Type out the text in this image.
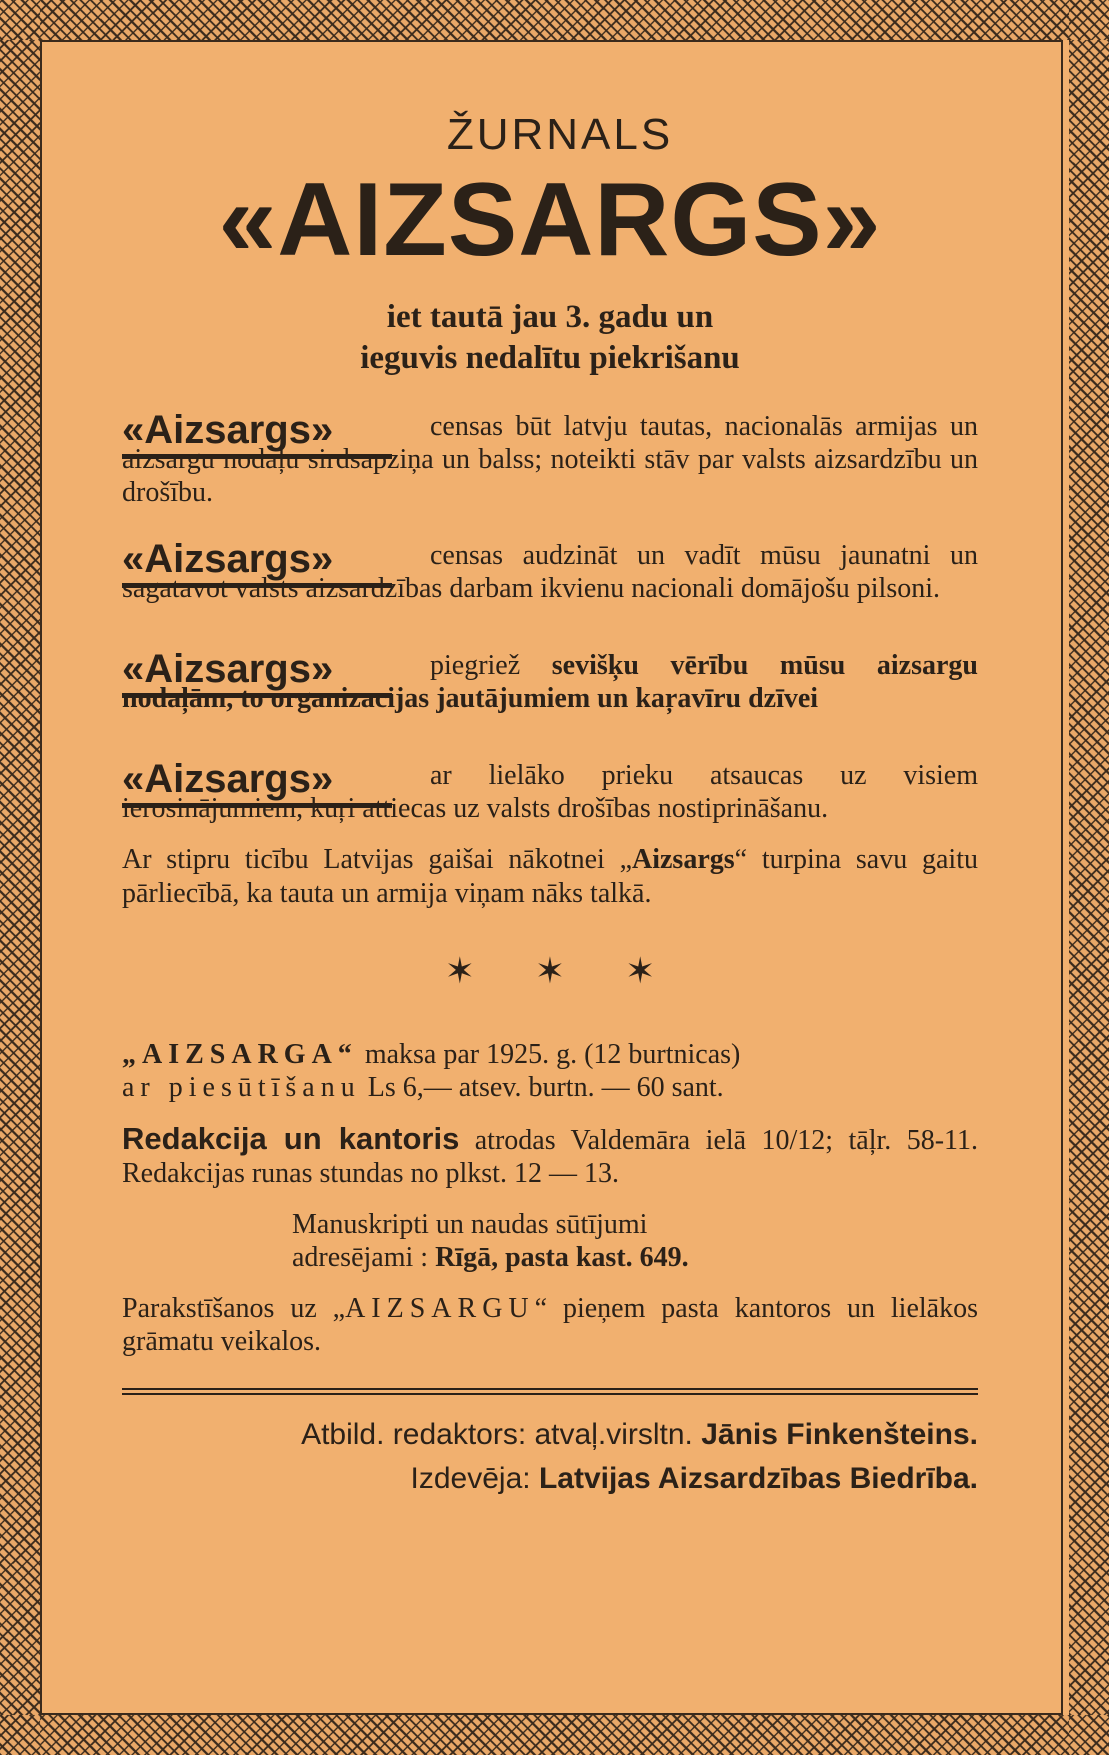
ŽURNALS
«AIZSARGS»
iet tautā jau 3. gadu un
ieguvis nedalītu piekrišanu
«Aizsargs»	censas būt latvju tautas, nacionalās armijas un aizsargu nodaļu sirdsapziņa un balss; noteikti stāv par valsts aizsardzību un drošību.
«Aizsargs»	censas audzināt un vadīt mūsu jaunatni un sagatavot valsts aizsardzības darbam ikvienu nacionali domājošu pilsoni.
«Aizsargs»	piegriež sevišķu vērību mūsu aizsargu nodaļām, to organizacijas jautājumiem un kaŗavīru dzīvei
«Aizsargs»	ar lielāko prieku atsaucas uz visiem ierosinājumiem, kuŗi attiecas uz valsts drošības nostiprināšanu.
Ar stipru ticību Latvijas gaišai nākotnei „Aizsargs“ turpina savu gaitu pārliecībā, ka tauta un armija viņam nāks talkā.
✶✶✶
„AIZSARGA“ maksa par 1925. g. (12 burtnicas)
ar piesūtīšanu Ls 6,— atsev. burtn. — 60 sant.
Redakcija un kantoris atrodas Valdemāra ielā 10/12; tāļr. 58-11. Redakcijas runas stundas no plkst. 12 — 13.
Manuskripti un naudas sūtījumi
adresējami : Rīgā, pasta kast. 649.
Parakstīšanos uz „AIZSARGU“ pieņem pasta kantoros un lielākos grāmatu veikalos.
Atbild. redaktors: atvaļ.virsltn. Jānis Finkenšteins.
Izdevēja: Latvijas Aizsardzības Biedrība.
